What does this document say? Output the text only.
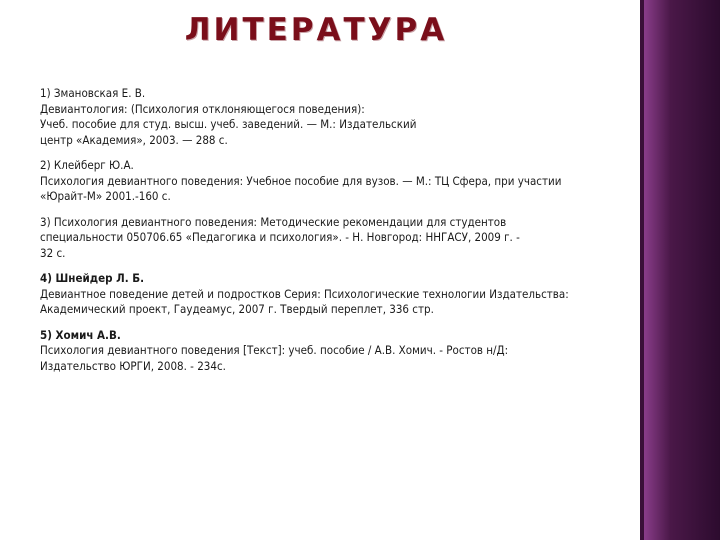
ЛИТЕРАТУРА
1) Змановская Е. В.
Девиантология: (Психология отклоняющегося поведения):
Учеб. пособие для студ. высш. учеб. заведений. — М.: Издательский
центр «Академия», 2003. — 288 с.
2) Клейберг Ю.А.
Психология девиантного поведения: Учебное пособие для вузов. — М.: ТЦ Сфера, при участии
«Юрайт-М» 2001.-160 с.
3) Психология девиантного поведения: Методические рекомендации для студентов
специальности 050706.65 «Педагогика и психология». - Н. Новгород: ННГАСУ, 2009 г. -
32 с.
4) Шнейдер Л. Б.
Девиантное поведение детей и подростков Серия: Психологические технологии Издательства:
Академический проект, Гаудеамус, 2007 г. Твердый переплет, 336 стр.
5) Хомич А.В.
Психология девиантного поведения [Текст]: учеб. пособие / А.В. Хомич. - Ростов н/Д:
Издательство ЮРГИ, 2008. - 234с.
